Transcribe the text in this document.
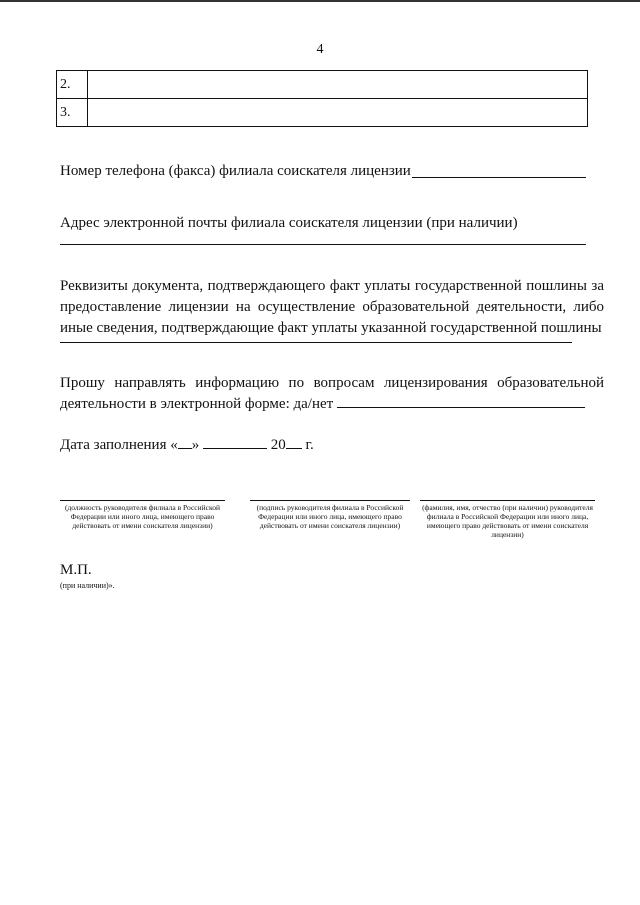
4
2.	
3.	
Номер телефона (факса) филиала соискателя лицензии
Адрес электронной почты филиала соискателя лицензии (при наличии)
Реквизиты документа, подтверждающего факт уплаты государственной пошлины за предоставление лицензии на осуществление образовательной деятельности, либо иные сведения, подтверждающие факт уплаты указанной государственной пошлины
Прошу направлять информацию по вопросам лицензирования образовательной
деятельности в электронной форме: да/нет
Дата заполнения « »	20 г.
(должность руководителя филиала в Российской Федерации или иного лица, имеющего право действовать от имени соискателя лицензии)
(подпись руководителя филиала в Российской Федерации или иного лица, имеющего право действовать от имени соискателя лицензии)
(фамилия, имя, отчество (при наличии) руководителя филиала в Российской Федерации или иного лица, имеющего право действовать от имени соискателя лицензии)
М.П.
(при наличии)».
